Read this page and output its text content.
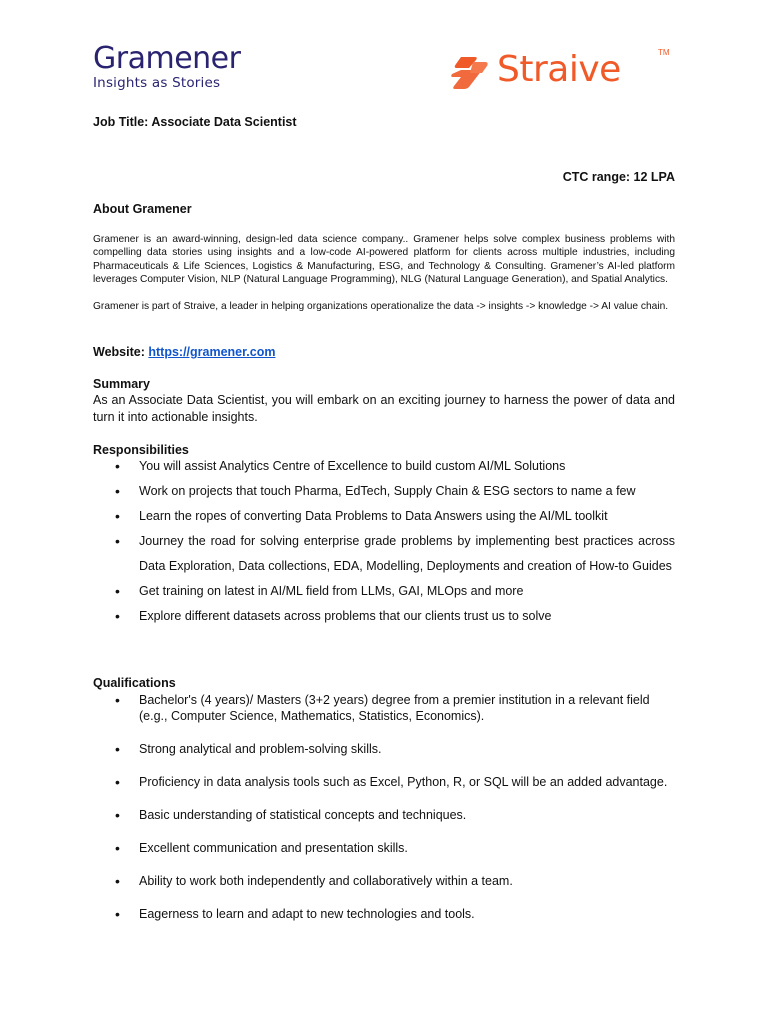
Gramener
Insights as Stories	Straive	TM
Job Title: Associate Data Scientist
CTC range: 12 LPA
About Gramener
Gramener is an award-winning, design-led data science company.. Gramener helps solve complex business problems with compelling data stories using insights and a low-code AI-powered platform for clients across multiple industries, including Pharmaceuticals & Life Sciences, Logistics & Manufacturing, ESG, and Technology & Consulting. Gramener’s AI-led platform leverages Computer Vision, NLP (Natural Language Programming), NLG (Natural Language Generation), and Spatial Analytics.
Gramener is part of Straive, a leader in helping organizations operationalize the data -> insights -> knowledge -> AI value chain.
Website: https://gramener.com
Summary
As an Associate Data Scientist, you will embark on an exciting journey to harness the power of data and turn it into actionable insights.
Responsibilities
• You will assist Analytics Centre of Excellence to build custom AI/ML Solutions
• Work on projects that touch Pharma, EdTech, Supply Chain & ESG sectors to name a few
• Learn the ropes of converting Data Problems to Data Answers using the AI/ML toolkit
• Journey the road for solving enterprise grade problems by implementing best practices across Data Exploration, Data collections, EDA, Modelling, Deployments and creation of How-to Guides
• Get training on latest in AI/ML field from LLMs, GAI, MLOps and more
• Explore different datasets across problems that our clients trust us to solve
Qualifications
• Bachelor's (4 years)/ Masters (3+2 years) degree from a premier institution in a relevant field (e.g., Computer Science, Mathematics, Statistics, Economics).
• Strong analytical and problem-solving skills.
• Proficiency in data analysis tools such as Excel, Python, R, or SQL will be an added advantage.
• Basic understanding of statistical concepts and techniques.
• Excellent communication and presentation skills.
• Ability to work both independently and collaboratively within a team.
• Eagerness to learn and adapt to new technologies and tools.
